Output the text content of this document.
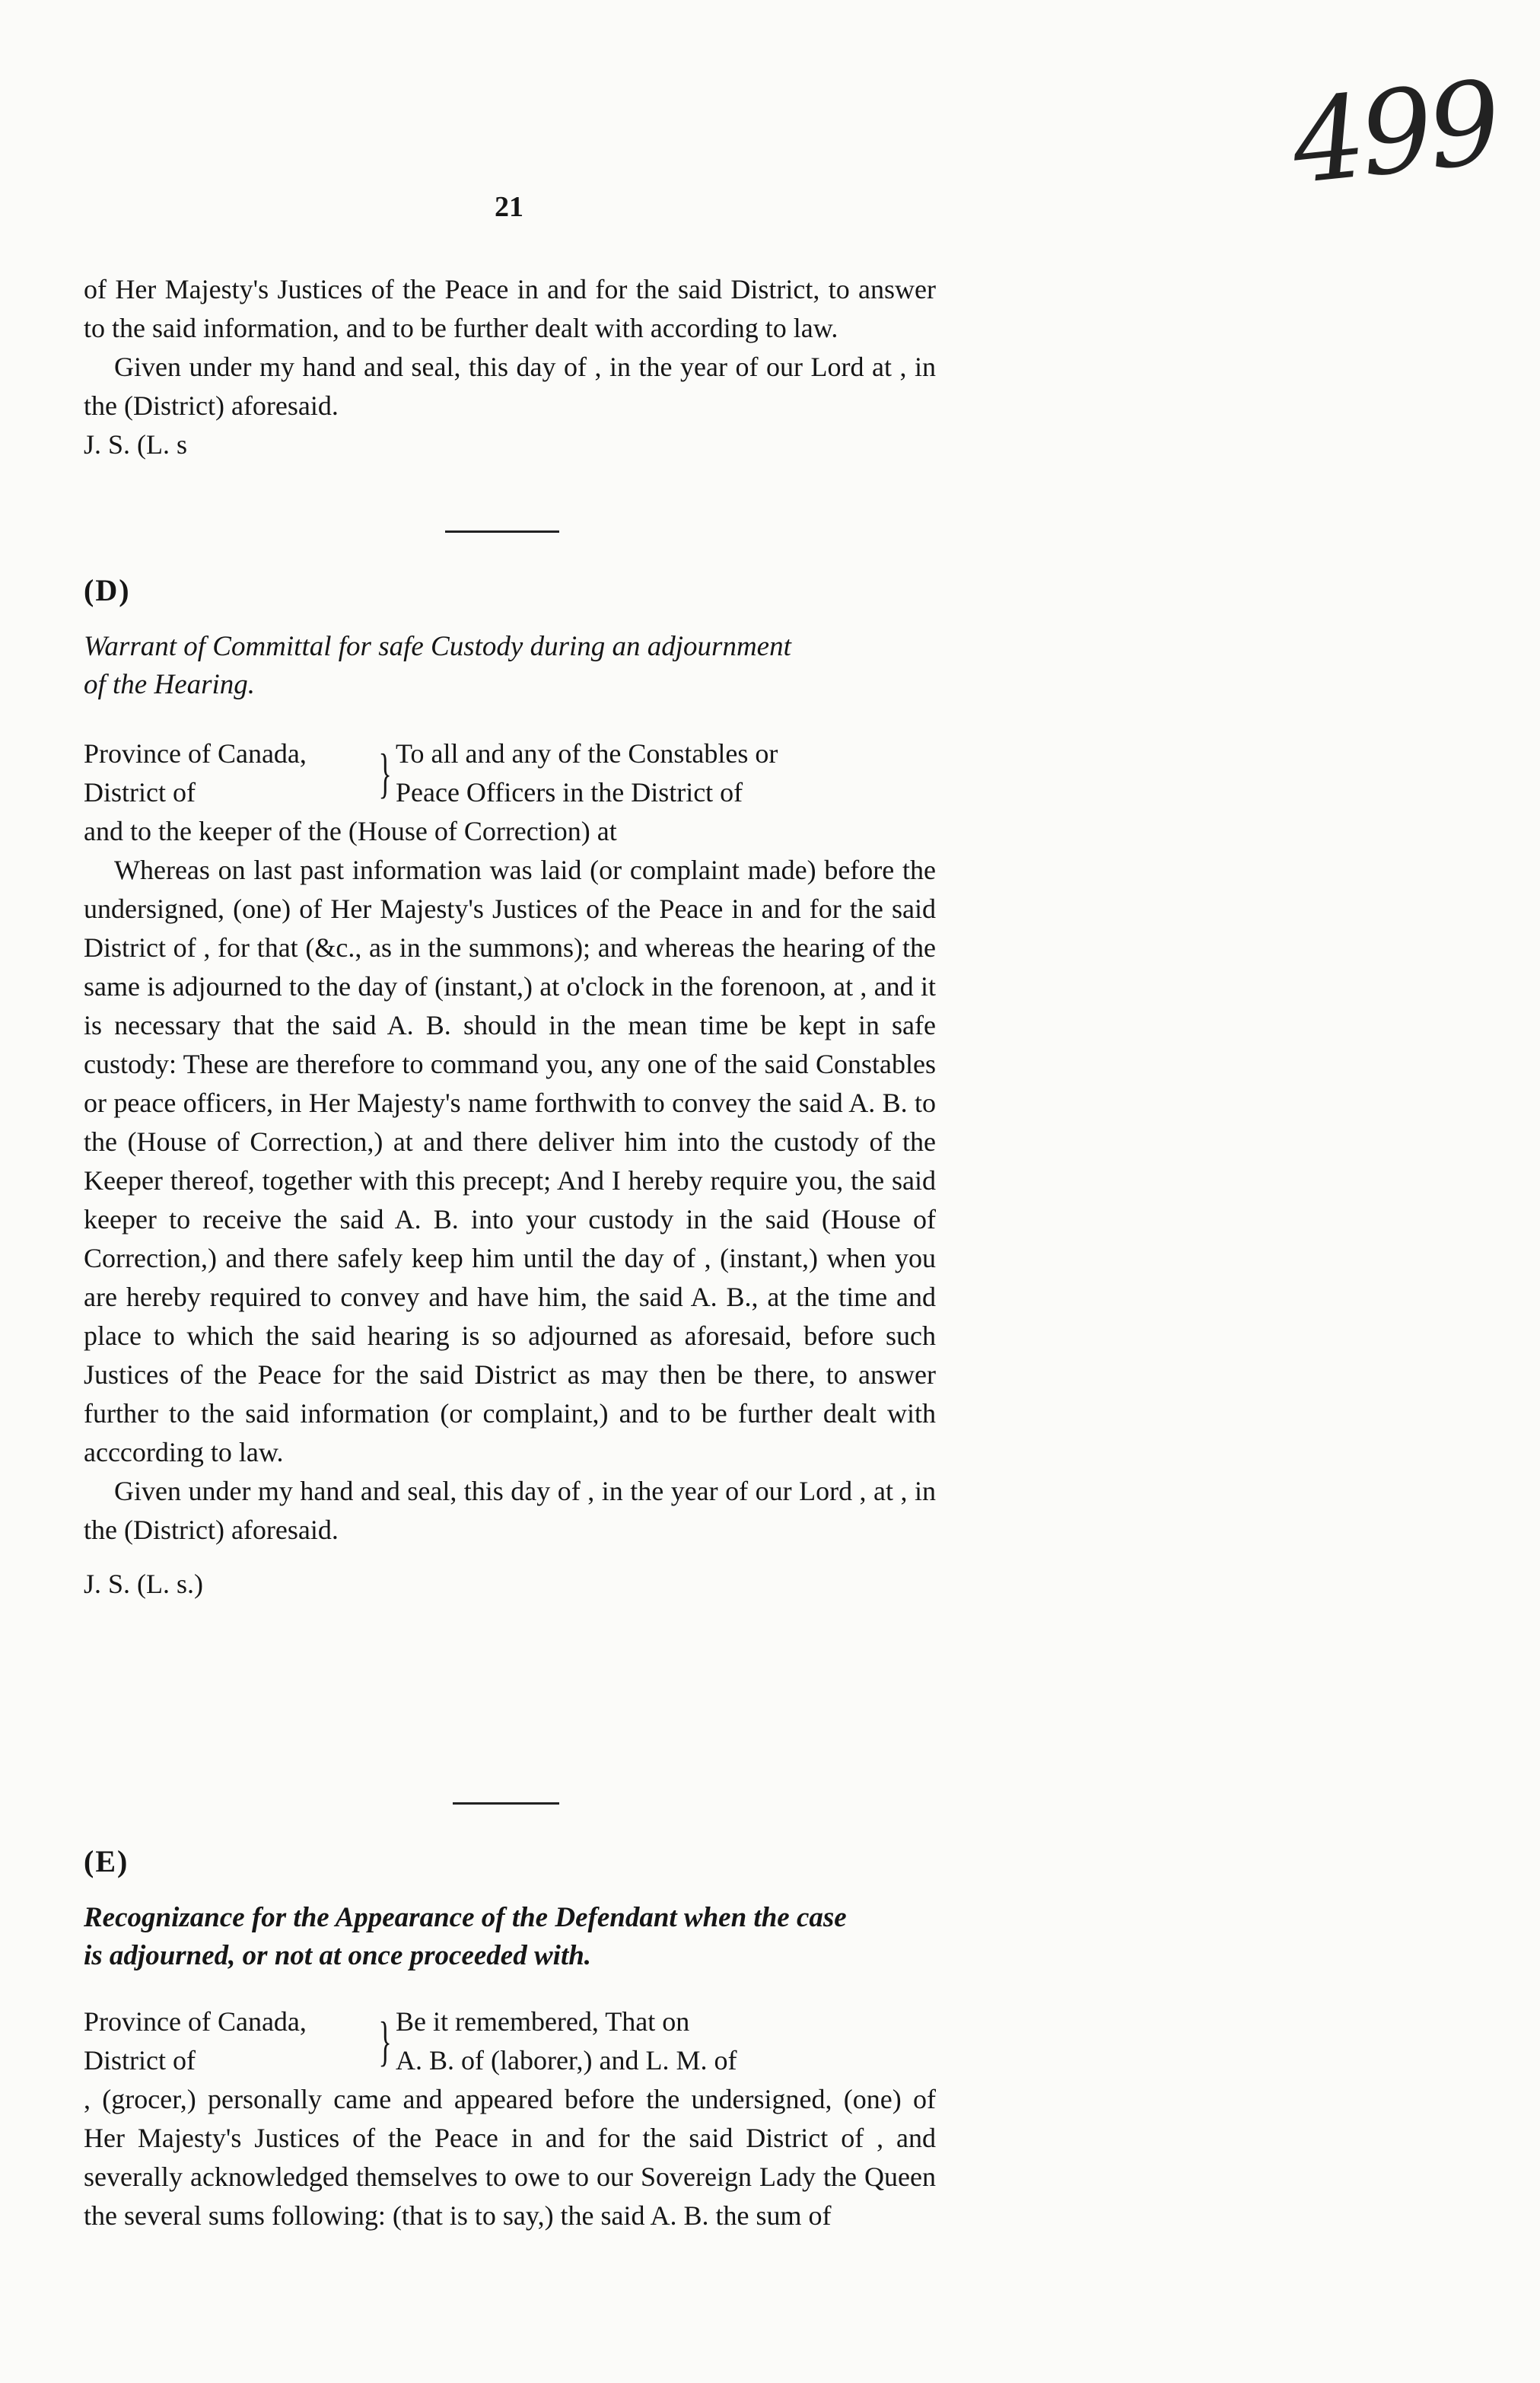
499
21

of Her Majesty's Justices of the Peace in and for the said District, to answer to the said information, and to be further dealt with according to law.

Given under my hand and seal, this day of , in the year of our Lord at , in the (District) aforesaid.

J. S. (L. s

(D)

Warrant of Committal for safe Custody during an adjournment

of the Hearing.

Province of Canada,
District of	} To all and any of the Constables or
Peace Officers in the District of

and to the keeper of the (House of Correction) at

Whereas on last past information was laid (or complaint made) before the undersigned, (one) of Her Majesty's Justices of the Peace in and for the said District of , for that (&c., as in the summons); and whereas the hearing of the same is adjourned to the day of (instant,) at o'clock in the forenoon, at , and it is necessary that the said A. B. should in the mean time be kept in safe custody: These are therefore to command you, any one of the said Constables or peace officers, in Her Majesty's name forthwith to convey the said A. B. to the (House of Correction,) at and there deliver him into the custody of the Keeper thereof, together with this precept; And I hereby require you, the said keeper to receive the said A. B. into your custody in the said (House of Correction,) and there safely keep him until the day of , (instant,) when you are hereby required to convey and have him, the said A. B., at the time and place to which the said hearing is so adjourned as aforesaid, before such Justices of the Peace for the said District as may then be there, to answer further to the said information (or complaint,) and to be further dealt with acccording to law.

Given under my hand and seal, this day of , in the year of our Lord , at , in the (District) aforesaid.

J. S. (L. s.)

(E)

Recognizance for the Appearance of the Defendant when the case

is adjourned, or not at once proceeded with.

Province of Canada,
District of	} Be it remembered, That on
A. B. of (laborer,) and L. M. of

, (grocer,) personally came and appeared before the undersigned, (one) of Her Majesty's Justices of the Peace in and for the said District of , and severally acknowledged themselves to owe to our Sovereign Lady the Queen the several sums following: (that is to say,) the said A. B. the sum of
